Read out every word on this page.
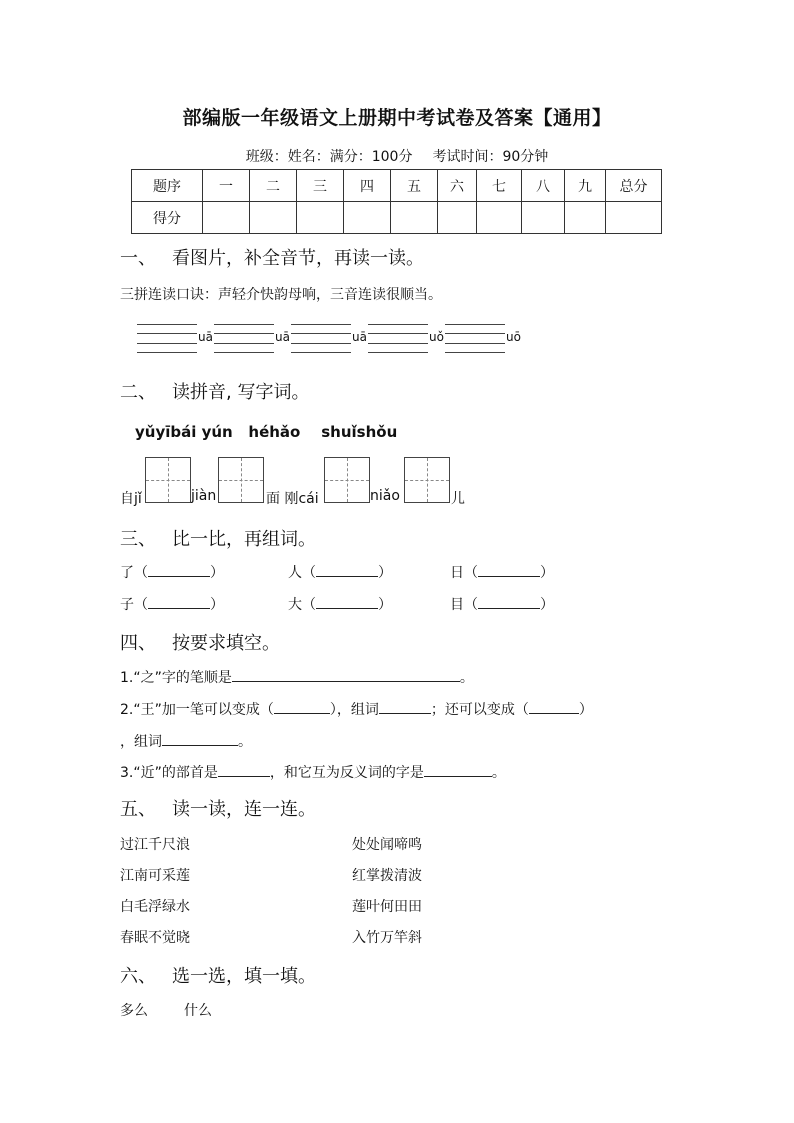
部编版一年级语文上册期中考试卷及答案【通用】
班级：姓名：满分：100分 考试时间：90分钟
题序	一	二	三	四	五	六	七	八	九	总分
得分										
一、 看图片，补全音节，再读一读。
三拼连读口诀：声轻介快韵母响，三音连读很顺当。
uā	uā	uā	uǒ	uō
二、 读拼音, 写字词。
yǔyībái yún   héhǎo    shuǐshǒu
自jǐ	jiàn	面 刚cái	niǎo	儿
三、 比一比，再组词。
了（	）	人（	）	日（	）
子（	）	大（	）	目（	）
四、 按要求填空。
1.“之”字的笔顺是	。
2.“王”加一笔可以变成（	），组词	；还可以变成（	）
，组词	。
3.“近”的部首是	，和它互为反义词的字是	。
五、 读一读，连一连。
过江千尺浪
江南可采莲
白毛浮绿水
春眠不觉晓
处处闻啼鸣
红掌拨清波
莲叶何田田
入竹万竿斜
六、 选一选，填一填。
多么	什么
